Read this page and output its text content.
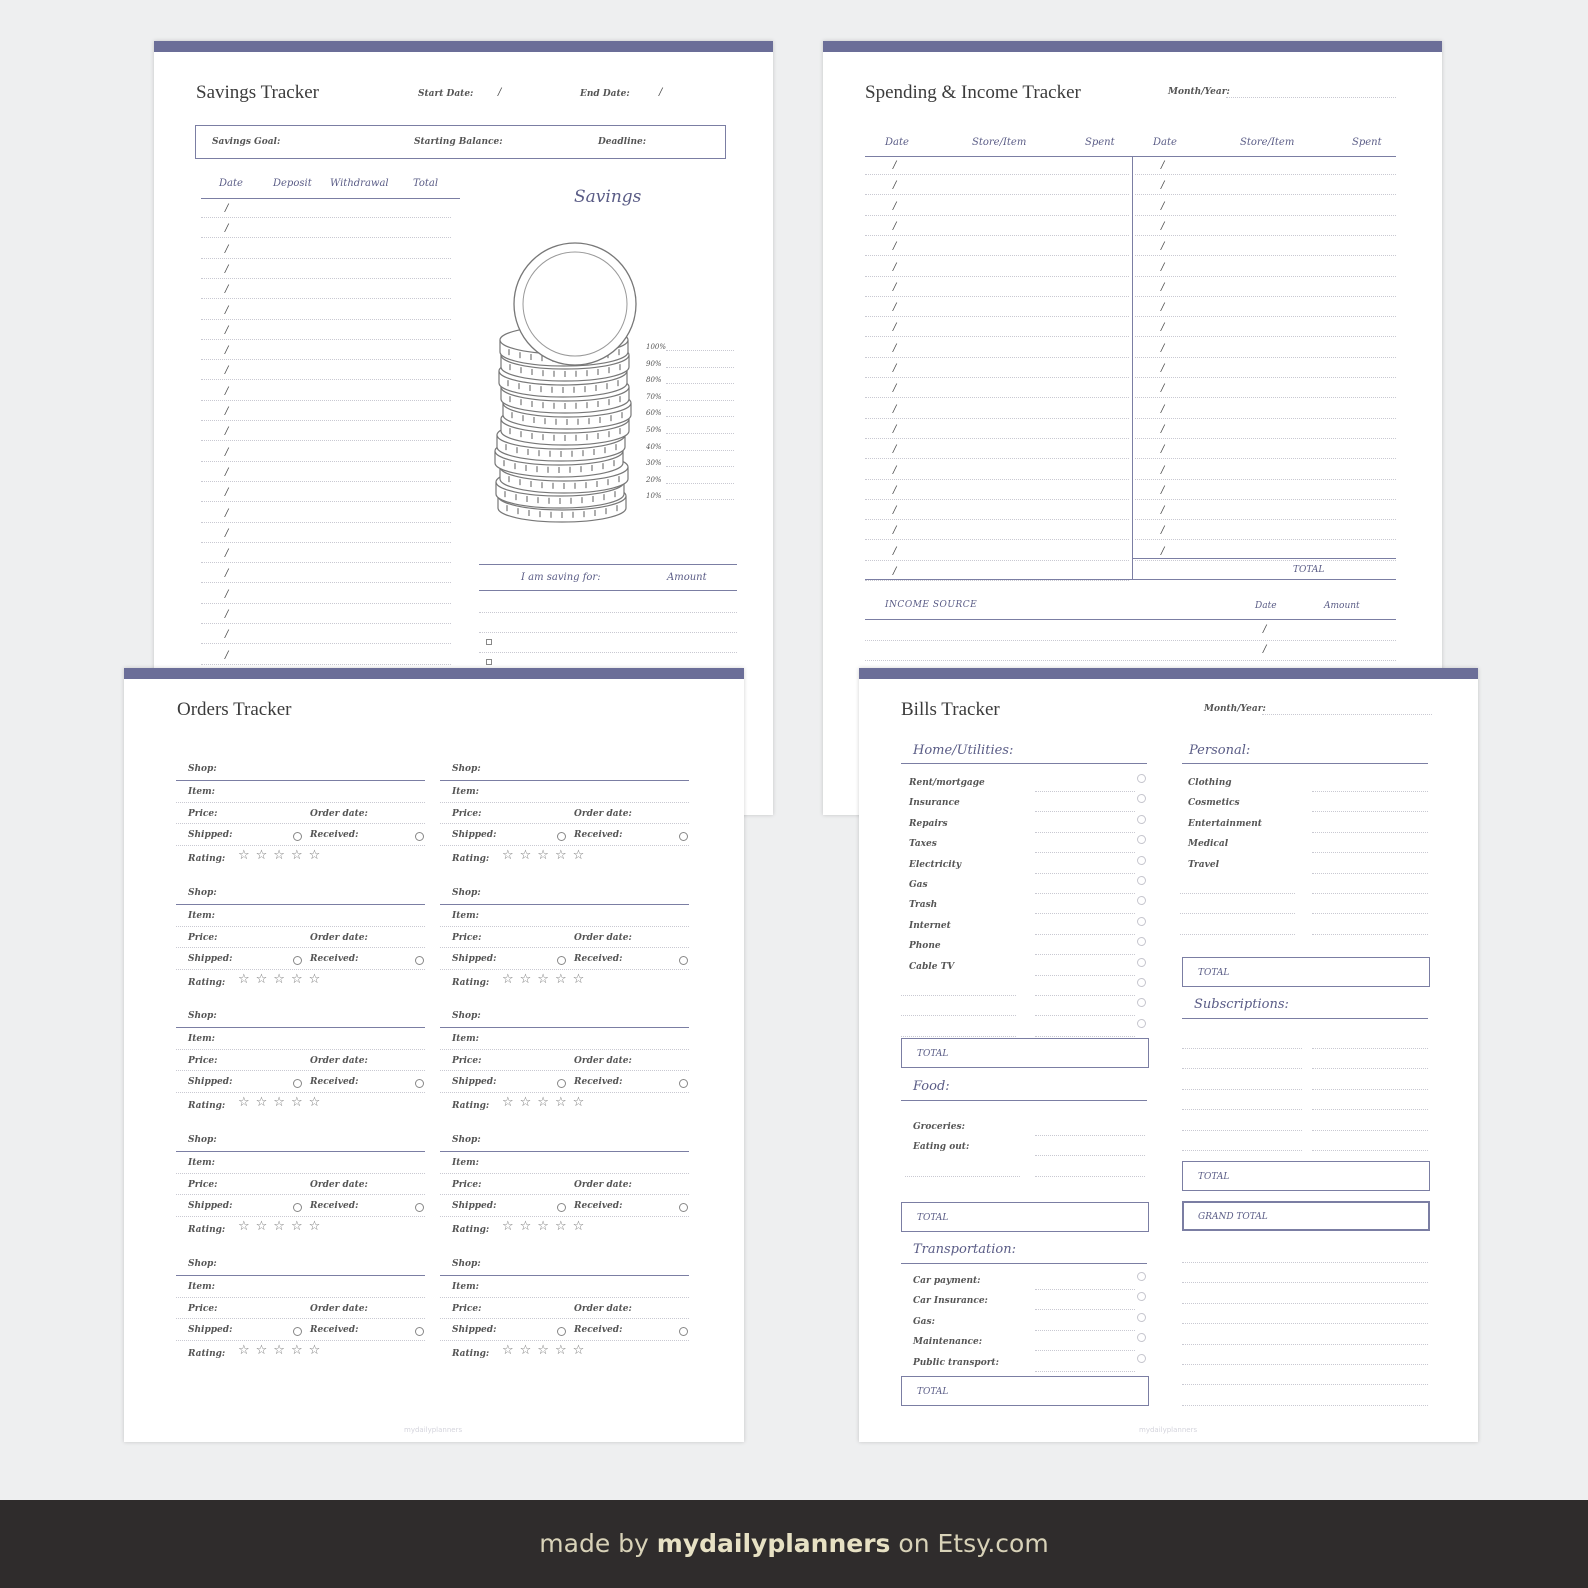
Savings Tracker	Start Date: /	End Date:	/
Savings Goal:	Starting Balance:	Deadline:
Date	Deposit Withdrawal Total
/
/
/
/
/
/
/
/
/
/
/
/
/
/
/
/
/
/
/
/
/
/
/
Savings
100%
90%
80%
70%
60%
50%
40%
30%
20%
10%
I am saving for:	Amount
Spending & Income Tracker	Month/Year:
Date	Store/Item	Spent	Date	Store/Item	Spent
/	/
/	/
/	/
/	/
/	/
/	/
/	/
/	/
/	/
/	/
/	/
/	/
/	/
/	/
/	/
/	/
/	/
/	/
/	/
/	/
/	TOTAL
INCOME SOURCE	Date	Amount
/
/
Orders Tracker
Shop:
Item:
Price:	Order date:
Shipped:	Received:
Rating: ☆☆☆☆☆
Shop:
Item:
Price:	Order date:
Shipped:	Received:
Rating: ☆☆☆☆☆
Shop:
Item:
Price:	Order date:
Shipped:	Received:
Rating: ☆☆☆☆☆
Shop:
Item:
Price:	Order date:
Shipped:	Received:
Rating: ☆☆☆☆☆
Shop:
Item:
Price:	Order date:
Shipped:	Received:
Rating: ☆☆☆☆☆
Shop:
Item:
Price:	Order date:
Shipped:	Received:
Rating: ☆☆☆☆☆
Shop:
Item:
Price:	Order date:
Shipped:	Received:
Rating: ☆☆☆☆☆
Shop:
Item:
Price:	Order date:
Shipped:	Received:
Rating: ☆☆☆☆☆
Shop:
Item:
Price:	Order date:
Shipped:	Received:
Rating: ☆☆☆☆☆
Shop:
Item:
Price:	Order date:
Shipped:	Received:
Rating: ☆☆☆☆☆
mydailyplanners
Bills Tracker	Month/Year:
Home/Utilities:
Rent/mortgage
Insurance
Repairs
Taxes
Electricity
Gas
Trash
Internet
Phone
Cable TV
TOTAL
Food:
Groceries:
Eating out:
TOTAL
Transportation:
Car payment:
Car Insurance:
Gas:
Maintenance:
Public transport:
TOTAL
Personal:
Clothing
Cosmetics
Entertainment
Medical
Travel
TOTAL
Subscriptions:
TOTAL
GRAND TOTAL
mydailyplanners
made by mydailyplanners on Etsy.com
